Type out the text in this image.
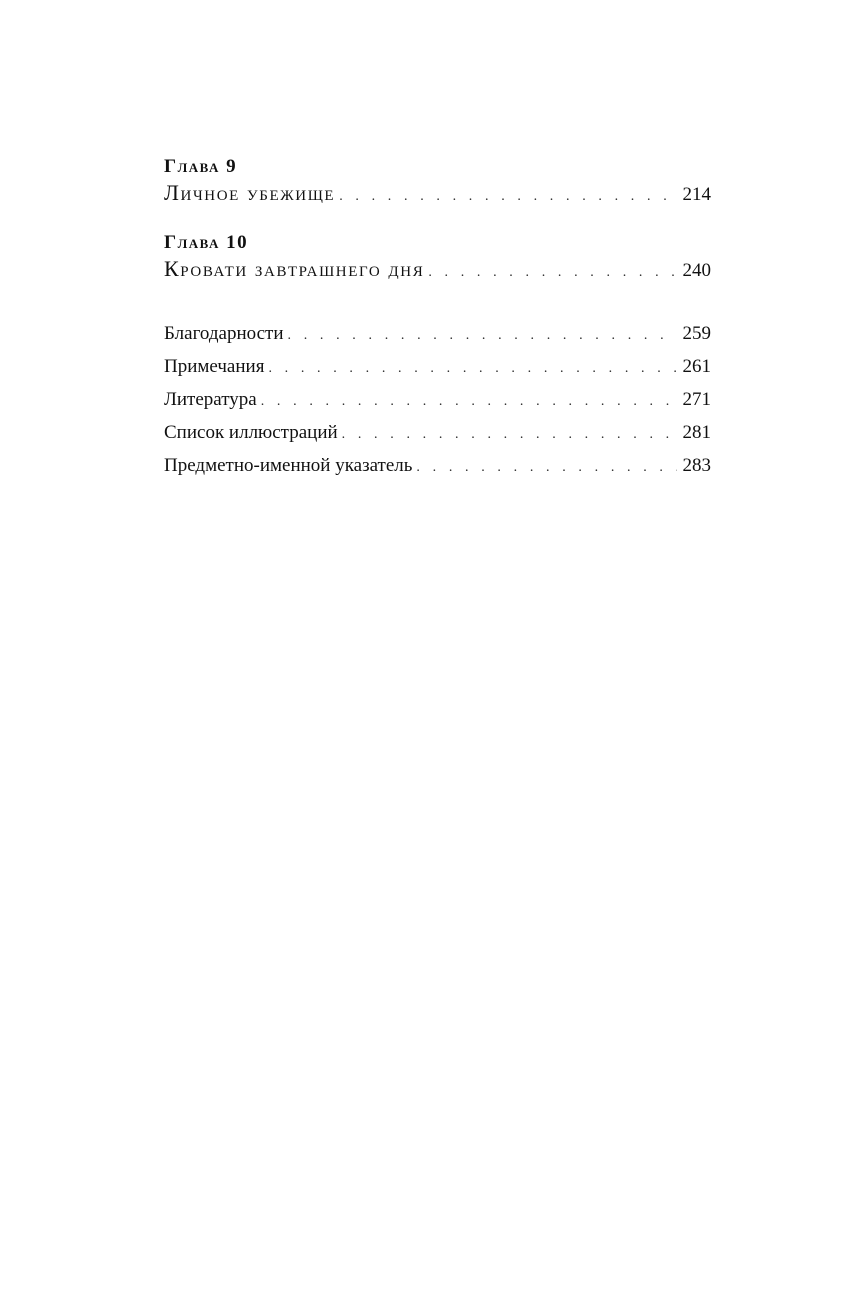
Глава 9
Личное убежище . . .	214
Глава 10
Кровати завтрашнего дня . . .	240
Благодарности . . .	259
Примечания . . .	261
Литература . . .	271
Список иллюстраций . . .	281
Предметно-именной указатель . . .	283
